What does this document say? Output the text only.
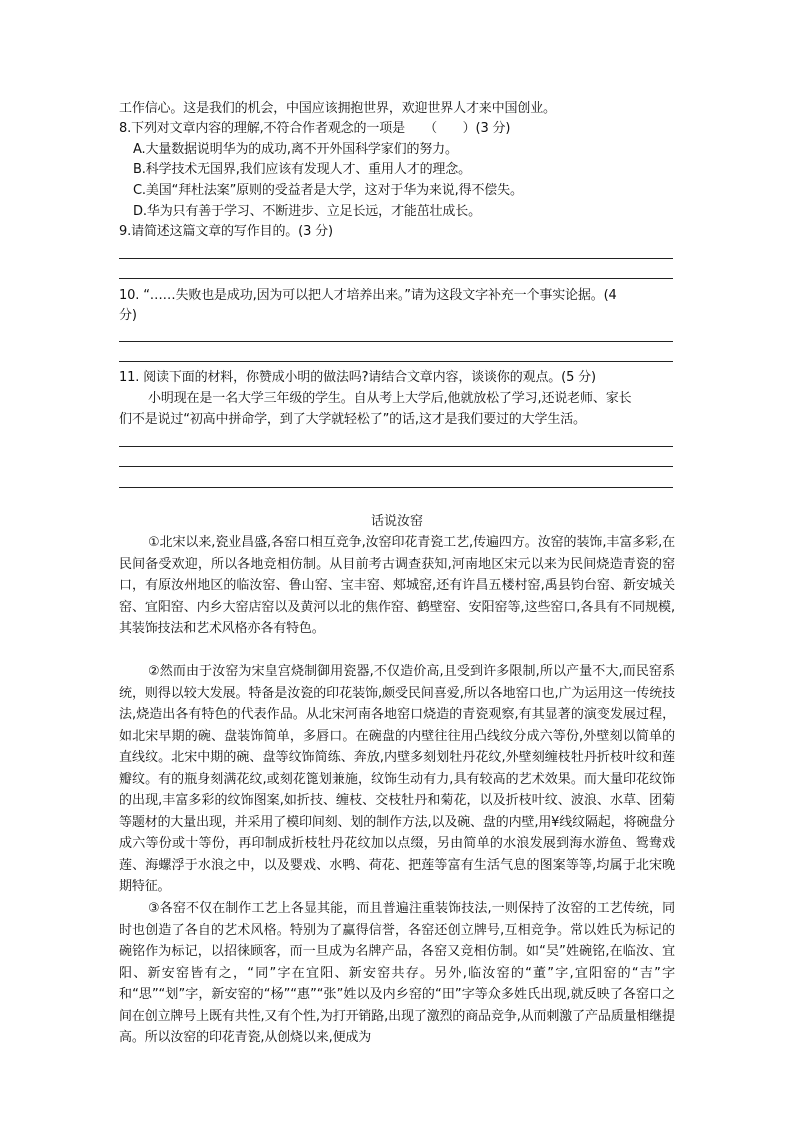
工作信心。这是我们的机会，中国应该拥抱世界，欢迎世界人才来中国创业。
8.下列对文章内容的理解,不符合作者观念的一项是　　（　　）(3 分)
A.大量数据说明华为的成功,离不开外国科学家们的努力。
B.科学技术无国界,我们应该有发现人才、重用人才的理念。
C.美国“拜杜法案”原则的受益者是大学，这对于华为来说,得不偿失。
D.华为只有善于学习、不断进步、立足长远，才能茁壮成长。
9.请简述这篇文章的写作目的。(3 分)
10. “……失败也是成功,因为可以把人才培养出来。”请为这段文字补充一个事实论据。(4
分)
11. 阅读下面的材料，你赞成小明的做法吗?请结合文章内容，谈谈你的观点。(5 分)
小明现在是一名大学三年级的学生。自从考上大学后,他就放松了学习,还说老师、家长
们不是说过“初高中拼命学，到了大学就轻松了”的话,这才是我们要过的大学生活。
话说汝窑
①北宋以来,瓷业昌盛,各窑口相互竞争,汝窑印花青瓷工艺,传遍四方。汝窑的装饰,丰富多彩,在民间备受欢迎，所以各地竞相仿制。从目前考古调查获知,河南地区宋元以来为民间烧造青瓷的窑口，有原汝州地区的临汝窑、鲁山窑、宝丰窑、郏城窑,还有许昌五楼村窑,禹县钧台窑、新安城关窑、宜阳窑、内乡大窑店窑以及黄河以北的焦作窑、鹤壁窑、安阳窑等,这些窑口,各具有不同规模,其装饰技法和艺术风格亦各有特色。
②然而由于汝窑为宋皇宫烧制御用瓷器,不仅造价高,且受到许多限制,所以产量不大,而民窑系统，则得以较大发展。特备是汝瓷的印花装饰,颇受民间喜爱,所以各地窑口也,广为运用这一传统技法,烧造出各有特色的代表作品。从北宋河南各地窑口烧造的青瓷观察,有其显著的演变发展过程，如北宋早期的碗、盘装饰简单，多唇口。在碗盘的内壁往往用凸线纹分成六等份,外壁刻以简单的直线纹。北宋中期的碗、盘等纹饰简练、奔放,内壁多刻划牡丹花纹,外壁刻缠枝牡丹折枝叶纹和莲瓣纹。有的瓶身刻满花纹,或刻花篦划兼施，纹饰生动有力,具有较高的艺术效果。而大量印花纹饰的出现,丰富多彩的纹饰图案,如折技、缠枝、交枝牡丹和菊花，以及折枝叶纹、波浪、水草、团菊等题材的大量出现，并采用了模印间刻、划的制作方法,以及碗、盘的内壁,用¥线纹隔起，将碗盘分成六等份或十等份，再印制成折枝牡丹花纹加以点缀，另由简单的水浪发展到海水游鱼、鸳鸯戏莲、海螺浮于水浪之中，以及婴戏、水鸭、荷花、把莲等富有生活气息的图案等等,均属于北宋晚期特征。
③各窑不仅在制作工艺上各显其能，而且普遍注重装饰技法,一则保持了汝窑的工艺传统，同时也创造了各自的艺术风格。特别为了赢得信誉，各窑还创立牌号,互相竞争。常以姓氏为标记的碗铭作为标记，以招徕顾客，而一旦成为名牌产品，各窑又竞相仿制。如“吴”姓碗铭,在临汝、宜阳、新安窑皆有之，“同”字在宜阳、新安窑共存。另外,临汝窑的“董”字,宜阳窑的“吉”字和“思”“划”字，新安窑的“杨”“惠”“张”姓以及内乡窑的“田”字等众多姓氏出现,就反映了各窑口之间在创立牌号上既有共性,又有个性,为打开销路,出现了激烈的商品竞争,从而刺激了产品质量相继提高。所以汝窑的印花青瓷,从创烧以来,便成为
